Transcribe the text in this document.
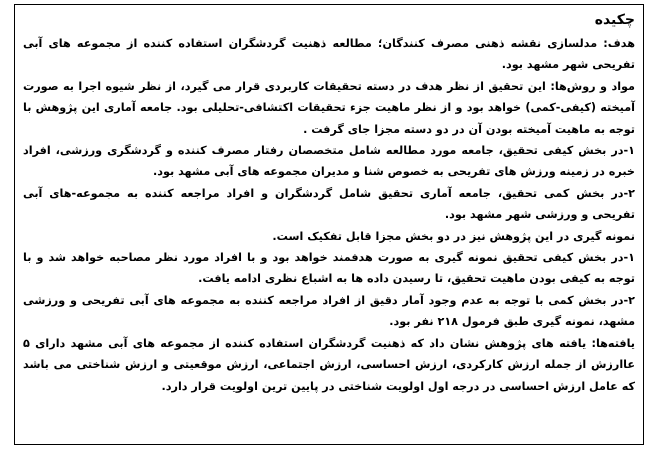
چکیده

هدف: مدلسازی نقشه ذهنی مصرف کنندگان؛ مطالعه ذهنیت گردشگران استفاده کننده از مجموعه های آبی تفریحی شهر مشهد بود.

مواد و روش‌ها: این تحقیق از نظر هدف در دسته تحقیقات کاربردی قرار می گیرد، از نظر شیوه اجرا به صورت آمیخته (کیفی-کمی) خواهد بود و از نظر ماهیت جزء تحقیقات اکتشافی-تحلیلی بود. جامعه آماری این پژوهش با توجه به ماهیت آمیخته بودن آن در دو دسته مجزا جای گرفت .

۱-در بخش کیفی تحقیق، جامعه مورد مطالعه شامل متخصصان رفتار مصرف کننده و گردشگری ورزشی، افراد خبره در زمینه ورزش های تفریحی به خصوص شنا و مدیران مجموعه های آبی مشهد بود.

۲-در بخش کمی تحقیق، جامعه آماری تحقیق شامل گردشگران و افراد مراجعه کننده به مجموعه-های آبی تفریحی و ورزشی شهر مشهد بود.

نمونه گیری در این پژوهش نیز در دو بخش مجزا قابل تفکیک است.

۱-در بخش کیفی تحقیق نمونه گیری به صورت هدفمند خواهد بود و با افراد مورد نظر مصاحبه خواهد شد و با توجه به کیفی بودن ماهیت تحقیق، تا رسیدن داده ها به اشباع نظری ادامه یافت.

۲-در بخش کمی با توجه به عدم وجود آمار دقیق از افراد مراجعه کننده به مجموعه های آبی تفریحی و ورزشی مشهد، نمونه گیری طبق فرمول ۲۱۸ نفر بود.

یافته‌ها: یافته های پژوهش نشان داد که ذهنیت گردشگران استفاده کننده از مجموعه های آبی مشهد دارای ۵ عاارزش از جمله ارزش کارکردی، ارزش احساسی، ارزش اجتماعی، ارزش موقعیتی و ارزش شناختی می باشد که عامل ارزش احساسی در درجه اول اولویت شناختی در پایین ترین اولویت قرار دارد.
